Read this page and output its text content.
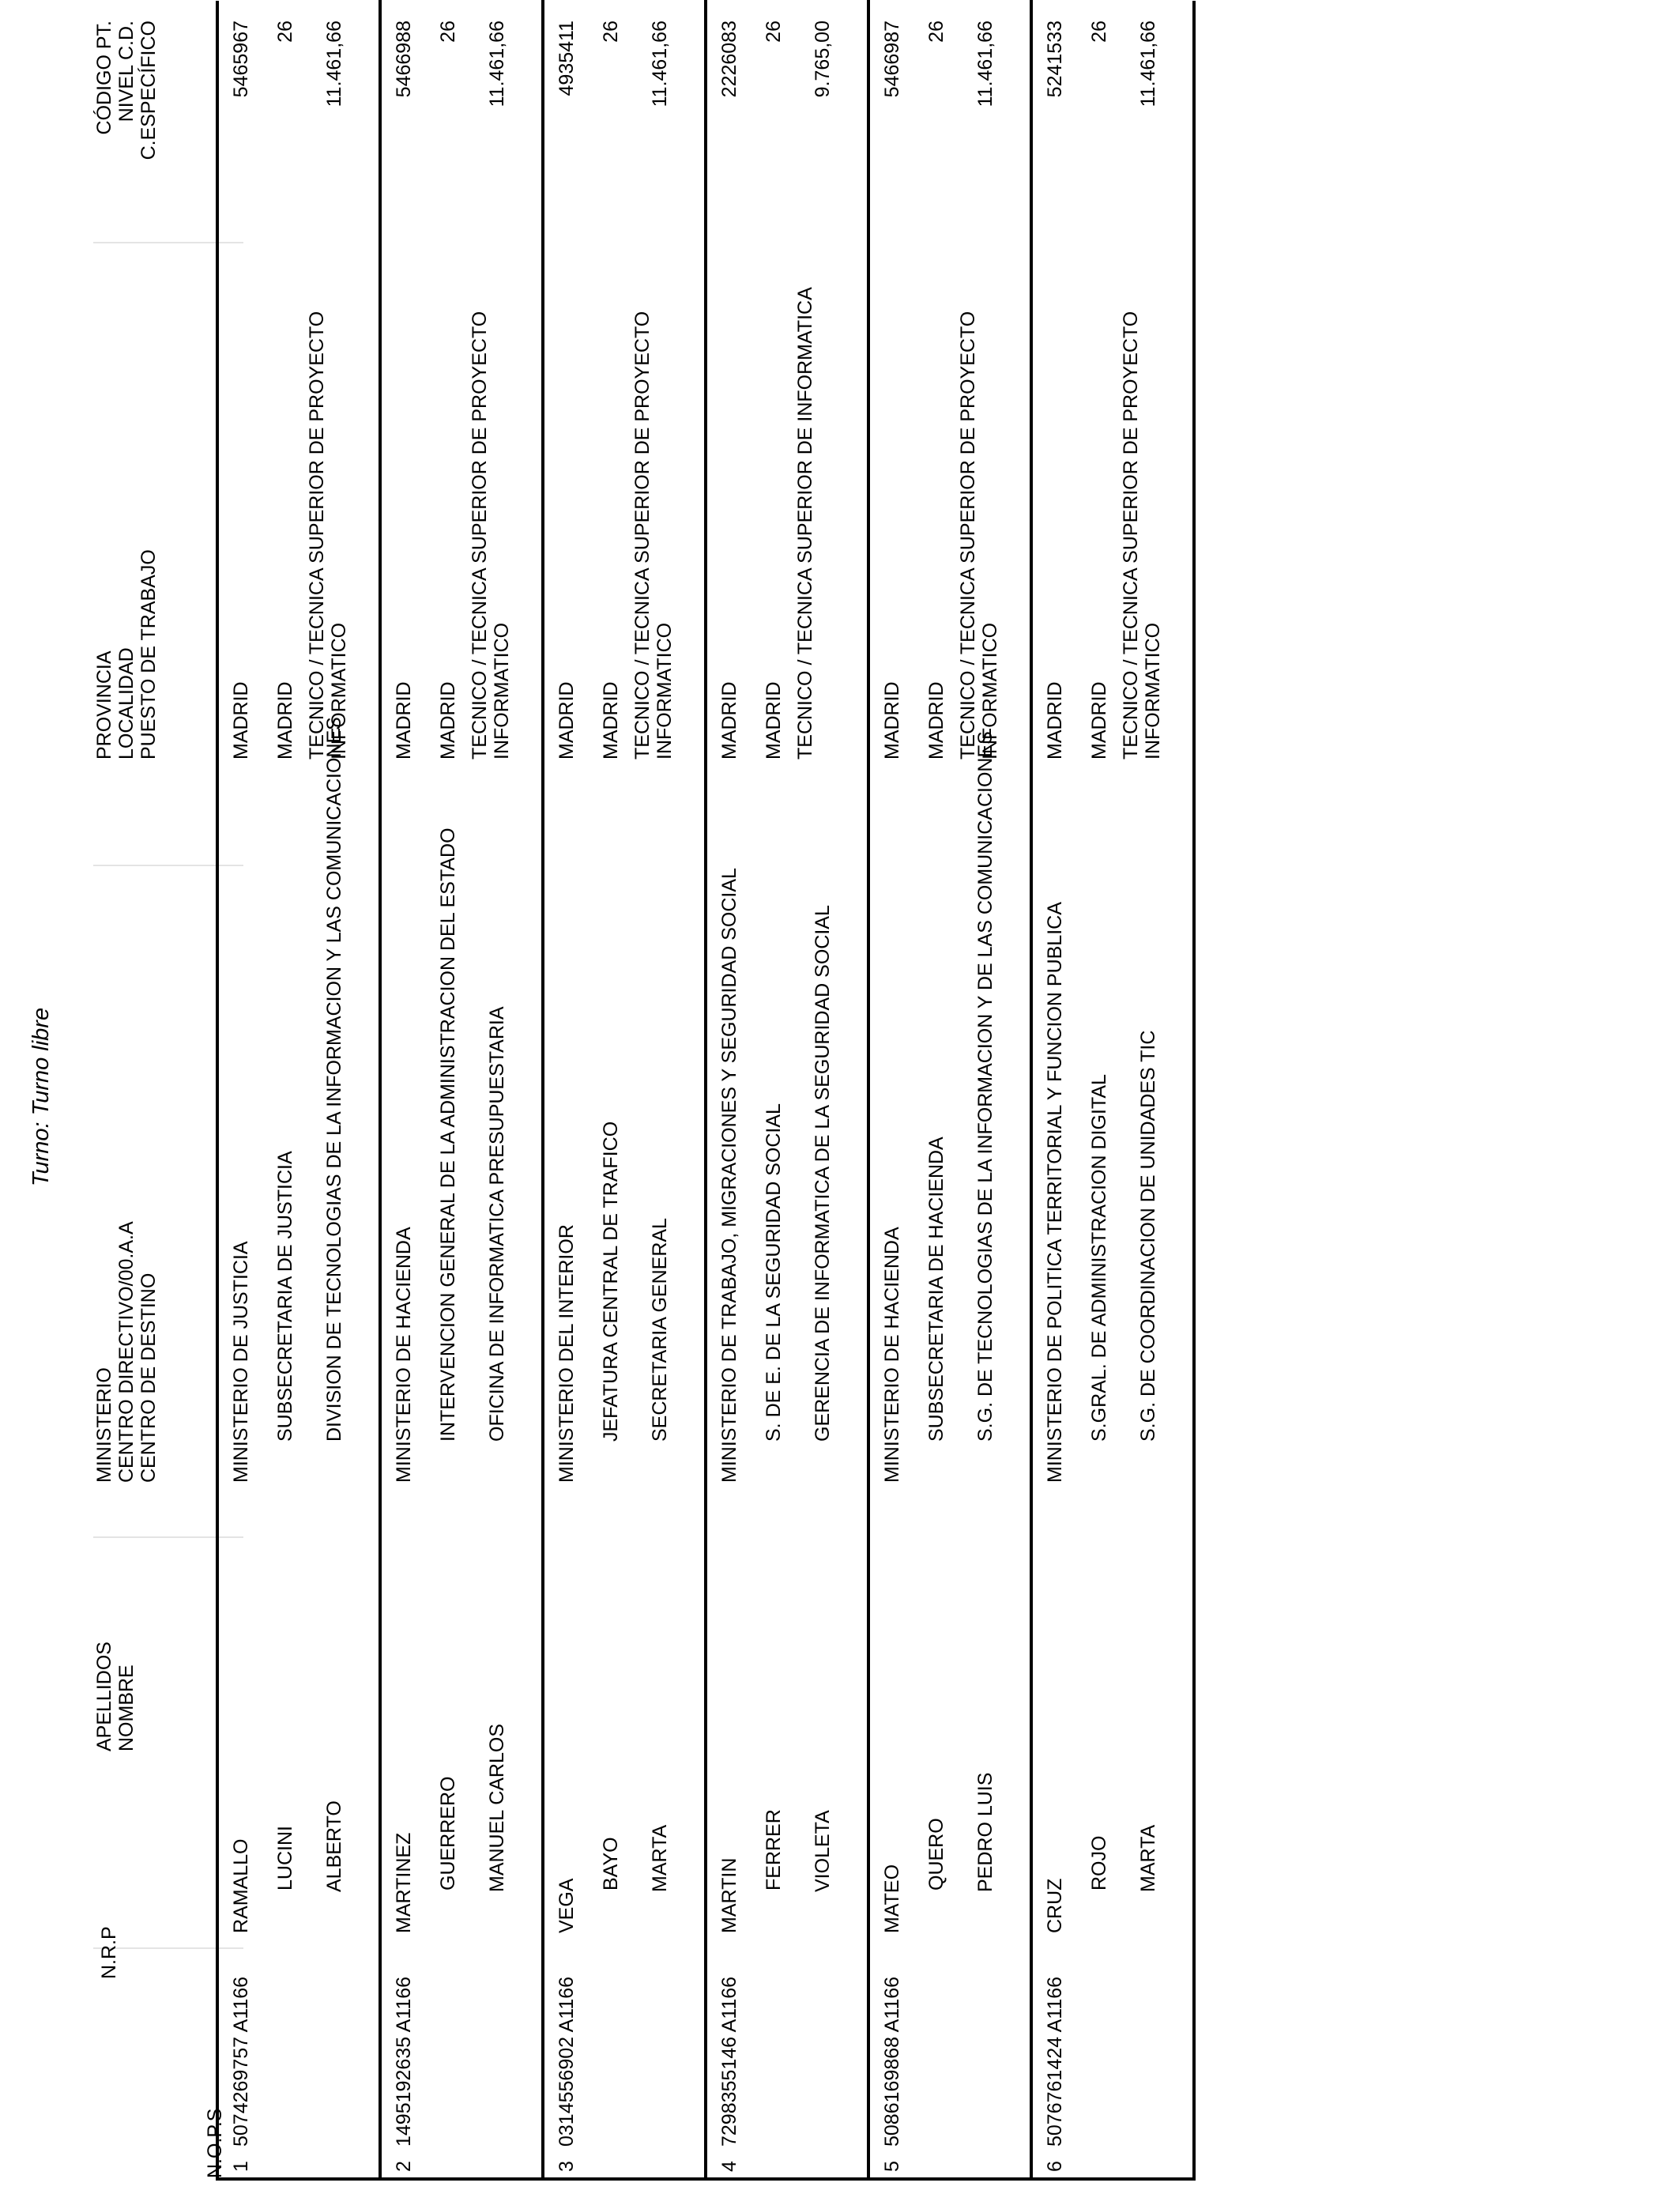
Turno: Turno libre
N.O.P.S
N.R.P
APELLIDOS NOMBRE
MINISTERIO CENTRO DIRECTIVO/00.A.A CENTRO DE DESTINO
PROVINCIA LOCALIDAD PUESTO DE TRABAJO
CÓDIGO PT. NIVEL C.D. C.ESPECÍFICO
1
5074269757 A1166
RAMALLO LUCINI ALBERTO
MINISTERIO DE JUSTICIA SUBSECRETARIA DE JUSTICIA DIVISION DE TECNOLOGIAS DE LA INFORMACION Y LAS COMUNICACIONES
MADRID MADRID TECNICO / TECNICA SUPERIOR DE PROYECTO INFORMATICO
5465967 26 11.461,66
2
1495192635 A1166
MARTINEZ GUERRERO MANUEL CARLOS
MINISTERIO DE HACIENDA INTERVENCION GENERAL DE LA ADMINISTRACION DEL ESTADO OFICINA DE INFORMATICA PRESUPUESTARIA
MADRID MADRID TECNICO / TECNICA SUPERIOR DE PROYECTO INFORMATICO
5466988 26 11.461,66
3
0314556902 A1166
VEGA
BAYO MARTA
MINISTERIO DEL INTERIOR JEFATURA CENTRAL DE TRAFICO SECRETARIA GENERAL
MADRID MADRID TECNICO / TECNICA SUPERIOR DE PROYECTO INFORMATICO
4935411 26 11.461,66
4
7298355146 A1166
MARTIN
FERRER VIOLETA
MINISTERIO DE TRABAJO, MIGRACIONES Y SEGURIDAD SOCIAL S. DE E. DE LA SEGURIDAD SOCIAL GERENCIA DE INFORMATICA DE LA SEGURIDAD SOCIAL
MADRID MADRID TECNICO / TECNICA SUPERIOR DE INFORMATICA
2226083 26 9.765,00
5
5086169868 A1166
MATEO
QUERO PEDRO LUIS
MINISTERIO DE HACIENDA SUBSECRETARIA DE HACIENDA S.G. DE TECNOLOGIAS DE LA INFORMACION Y DE LAS COMUNICACIONES
MADRID MADRID TECNICO / TECNICA SUPERIOR DE PROYECTO INFORMATICO
5466987 26 11.461,66
6
5076761424 A1166
CRUZ
ROJO MARTA
MINISTERIO DE POLITICA TERRITORIAL Y FUNCION PUBLICA S.GRAL. DE ADMINISTRACION DIGITAL S.G. DE COORDINACION DE UNIDADES TIC
MADRID MADRID TECNICO / TECNICA SUPERIOR DE PROYECTO INFORMATICO
5241533 26 11.461,66
